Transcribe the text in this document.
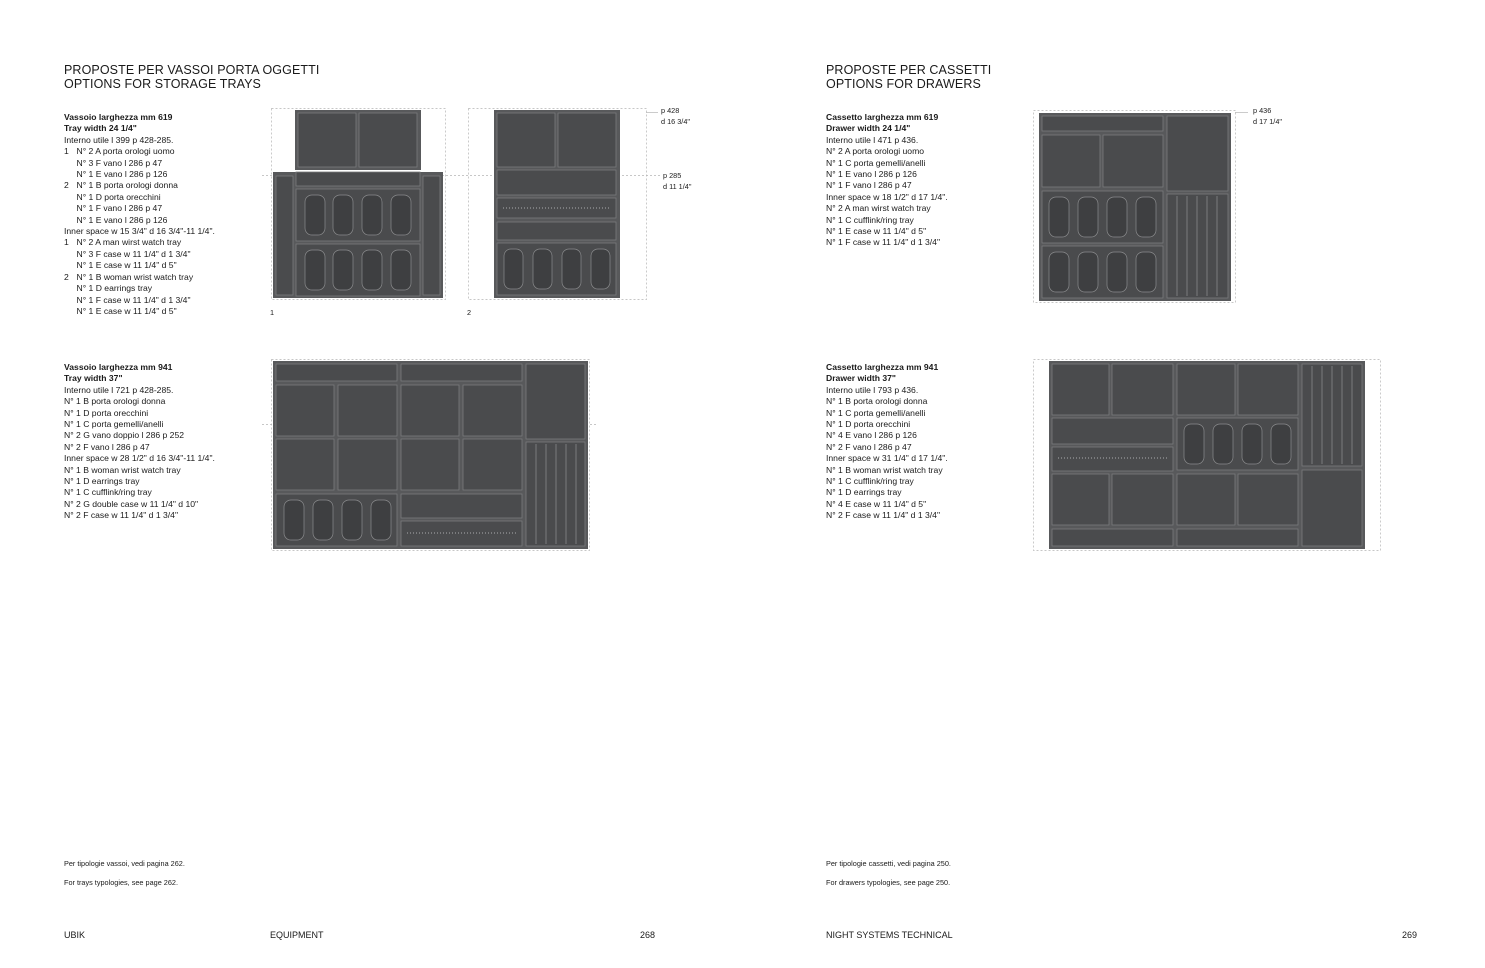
PROPOSTE PER VASSOI PORTA OGGETTI
OPTIONS FOR STORAGE TRAYS
Vassoio larghezza mm 619
Tray width 24 1/4"
Interno utile l 399 p 428-285.
1 N° 2 A porta orologi uomo
N° 3 F vano l 286 p 47
N° 1 E vano l 286 p 126
2 N° 1 B porta orologi donna
N° 1 D porta orecchini
N° 1 F vano l 286 p 47
N° 1 E vano l 286 p 126
Inner space w 15 3/4" d 16 3/4"-11 1/4".
1 N° 2 A man wirst watch tray
N° 3 F case w 11 1/4" d 1 3/4"
N° 1 E case w 11 1/4" d 5"
2 N° 1 B woman wrist watch tray
N° 1 D earrings tray
N° 1 F case w 11 1/4" d 1 3/4"
N° 1 E case w 11 1/4" d 5"
Vassoio larghezza mm 941
Tray width 37"
Interno utile l 721 p 428-285.
N° 1 B porta orologi donna
N° 1 D porta orecchini
N° 1 C porta gemelli/anelli
N° 2 G vano doppio l 286 p 252
N° 2 F vano l 286 p 47
Inner space w 28 1/2" d 16 3/4"-11 1/4".
N° 1 B woman wrist watch tray
N° 1 D earrings tray
N° 1 C cufflink/ring tray
N° 2 G double case w 11 1/4" d 10"
N° 2 F case w 11 1/4" d 1 3/4"
1	2
p 428
d 16 3/4"
p 285
d 11 1/4"
Per tipologie vassoi, vedi pagina 262.
For trays typologies, see page 262.
UBIK	EQUIPMENT	268
PROPOSTE PER CASSETTI
OPTIONS FOR DRAWERS
Cassetto larghezza mm 619
Drawer width 24 1/4"
Interno utile l 471 p 436.
N° 2 A porta orologi uomo
N° 1 C porta gemelli/anelli
N° 1 E vano l 286 p 126
N° 1 F vano l 286 p 47
Inner space w 18 1/2" d 17 1/4".
N° 2 A man wirst watch tray
N° 1 C cufflink/ring tray
N° 1 E case w 11 1/4" d 5"
N° 1 F case w 11 1/4" d 1 3/4"
Cassetto larghezza mm 941
Drawer width 37"
Interno utile l 793 p 436.
N° 1 B porta orologi donna
N° 1 C porta gemelli/anelli
N° 1 D porta orecchini
N° 4 E vano l 286 p 126
N° 2 F vano l 286 p 47
Inner space w 31 1/4" d 17 1/4".
N° 1 B woman wrist watch tray
N° 1 C cufflink/ring tray
N° 1 D earrings tray
N° 4 E case w 11 1/4" d 5"
N° 2 F case w 11 1/4" d 1 3/4"
p 436
d 17 1/4"
Per tipologie cassetti, vedi pagina 250.
For drawers typologies, see page 250.
NIGHT SYSTEMS TECHNICAL	269
